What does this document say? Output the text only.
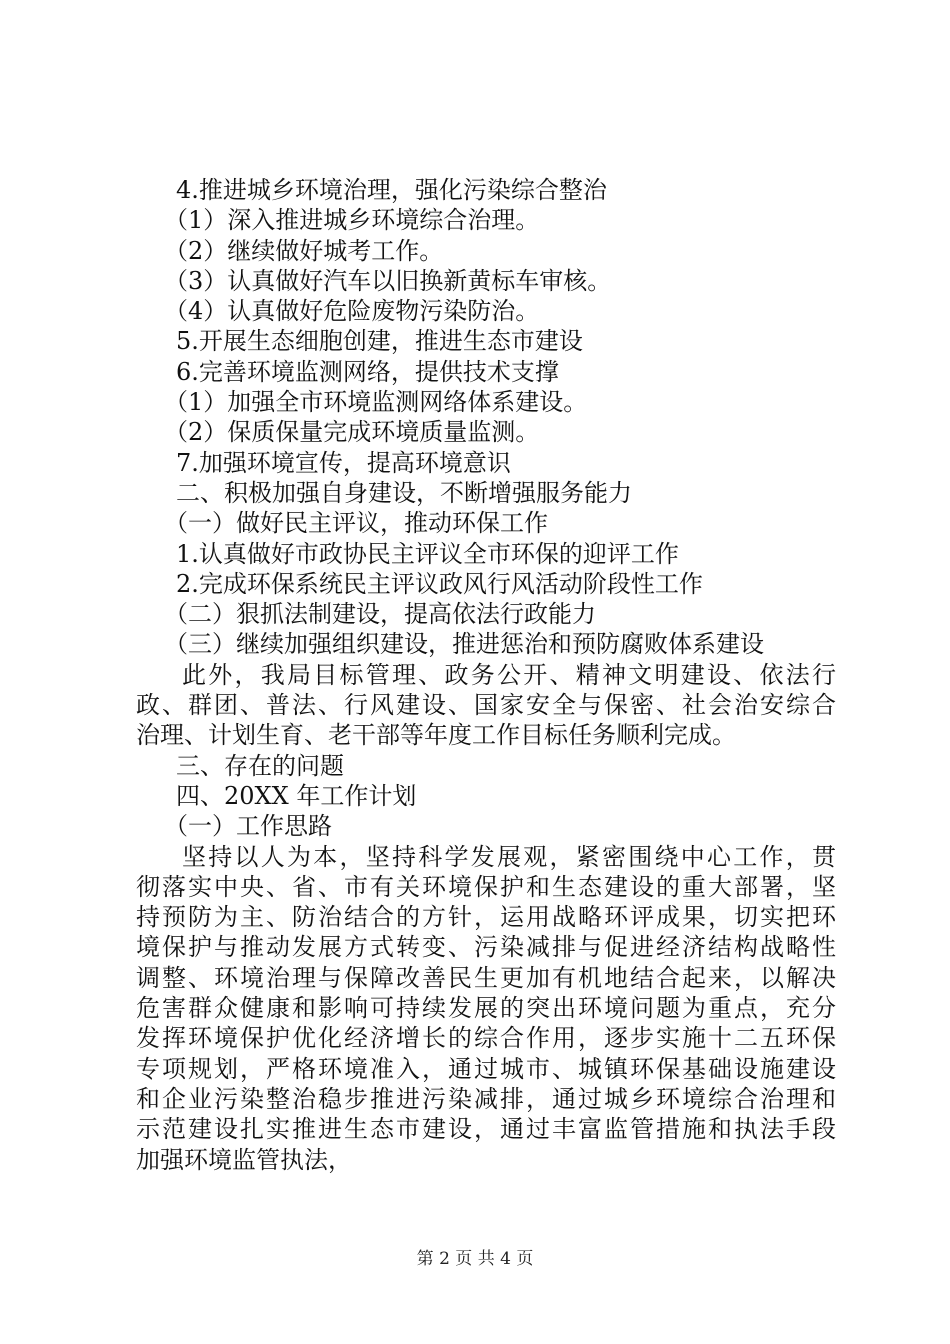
4.推进城乡环境治理，强化污染综合整治
（1）深入推进城乡环境综合治理。
（2）继续做好城考工作。
（3）认真做好汽车以旧换新黄标车审核。
（4）认真做好危险废物污染防治。
5.开展生态细胞创建，推进生态市建设
6.完善环境监测网络，提供技术支撑
（1）加强全市环境监测网络体系建设。
（2）保质保量完成环境质量监测。
7.加强环境宣传，提高环境意识
二、积极加强自身建设，不断增强服务能力
（一）做好民主评议，推动环保工作
1.认真做好市政协民主评议全市环保的迎评工作
2.完成环保系统民主评议政风行风活动阶段性工作
（二）狠抓法制建设，提高依法行政能力
（三）继续加强组织建设，推进惩治和预防腐败体系建设
此外，我局目标管理、政务公开、精神文明建设、依法行
政、群团、普法、行风建设、国家安全与保密、社会治安综合
治理、计划生育、老干部等年度工作目标任务顺利完成。
三、存在的问题
四、20XX 年工作计划
（一）工作思路
坚持以人为本，坚持科学发展观，紧密围绕中心工作，贯
彻落实中央、省、市有关环境保护和生态建设的重大部署，坚
持预防为主、防治结合的方针，运用战略环评成果，切实把环
境保护与推动发展方式转变、污染减排与促进经济结构战略性
调整、环境治理与保障改善民生更加有机地结合起来，以解决
危害群众健康和影响可持续发展的突出环境问题为重点，充分
发挥环境保护优化经济增长的综合作用，逐步实施十二五环保
专项规划，严格环境准入，通过城市、城镇环保基础设施建设
和企业污染整治稳步推进污染减排，通过城乡环境综合治理和
示范建设扎实推进生态市建设，通过丰富监管措施和执法手段
加强环境监管执法，
第 2 页 共 4 页
